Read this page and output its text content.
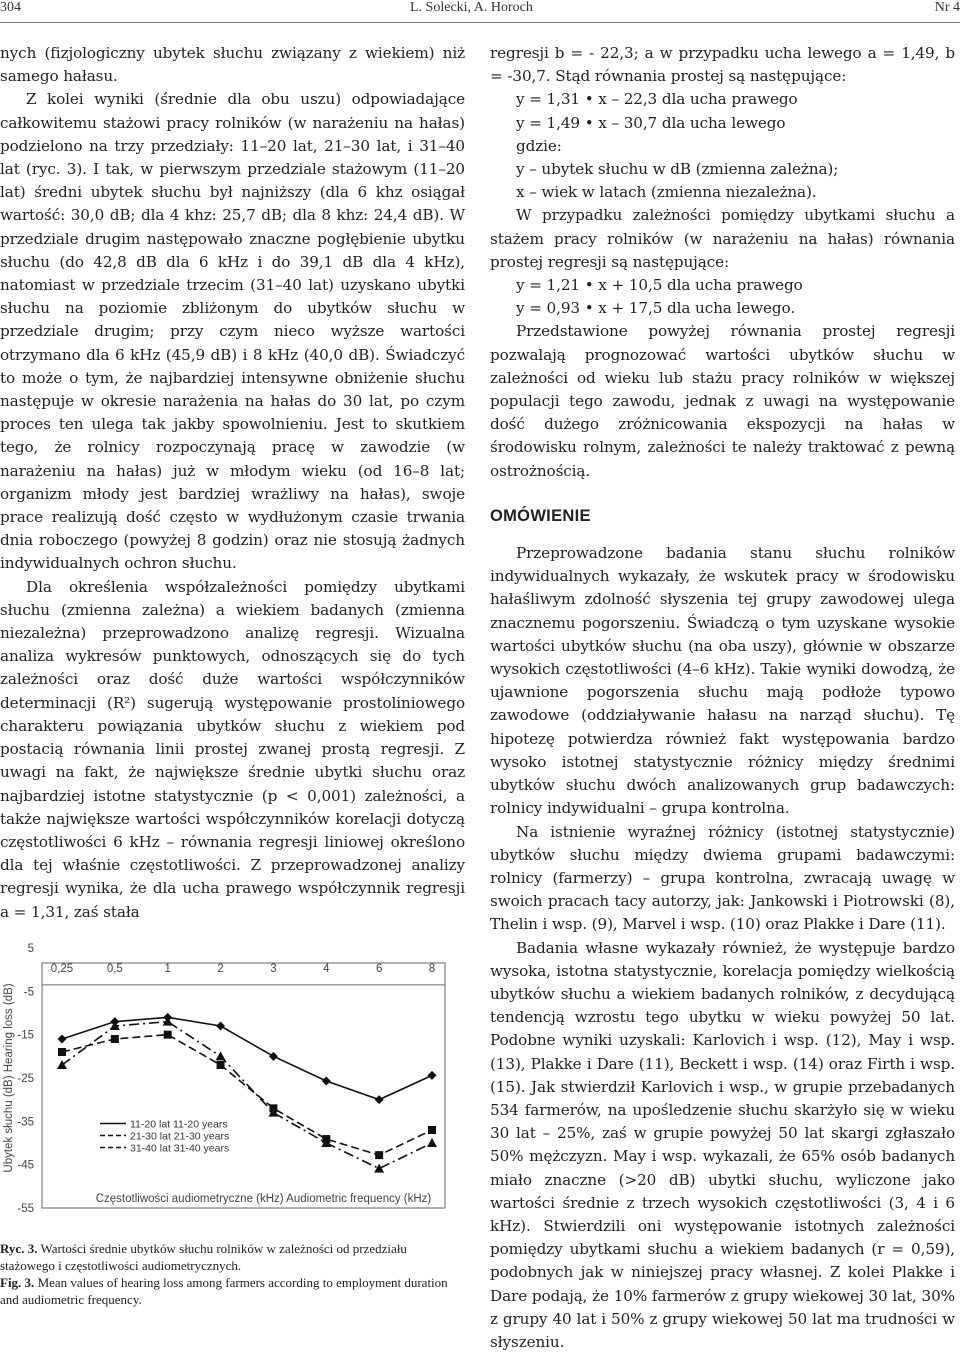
304	L. Solecki, A. Horoch	Nr 4

nych (fizjologiczny ubytek słuchu związany z wiekiem) niż samego hałasu.

Z kolei wyniki (średnie dla obu uszu) odpowiadające całkowitemu stażowi pracy rolników (w narażeniu na hałas) podzielono na trzy przedziały: 11–20 lat, 21–30 lat, i 31–40 lat (ryc. 3). I tak, w pierwszym przedziale stażowym (11–20 lat) średni ubytek słuchu był najniższy (dla 6 khz osiągał wartość: 30,0 dB; dla 4 khz: 25,7 dB; dla 8 khz: 24,4 dB). W przedziale drugim następowało znaczne pogłębienie ubytku słuchu (do 42,8 dB dla 6 kHz i do 39,1 dB dla 4 kHz), natomiast w przedziale trzecim (31–40 lat) uzyskano ubytki słuchu na poziomie zbliżonym do ubytków słuchu w przedziale drugim; przy czym nieco wyższe wartości otrzymano dla 6 kHz (45,9 dB) i 8 kHz (40,0 dB). Świadczyć to może o tym, że najbardziej intensywne obniżenie słuchu następuje w okresie narażenia na hałas do 30 lat, po czym proces ten ulega tak jakby spowolnieniu. Jest to skutkiem tego, że rolnicy rozpoczynają pracę w zawodzie (w narażeniu na hałas) już w młodym wieku (od 16–8 lat; organizm młody jest bardziej wrażliwy na hałas), swoje prace realizują dość często w wydłużonym czasie trwania dnia roboczego (powyżej 8 godzin) oraz nie stosują żadnych indywidualnych ochron słuchu.

Dla określenia współzależności pomiędzy ubytkami słuchu (zmienna zależna) a wiekiem badanych (zmienna niezależna) przeprowadzono analizę regresji. Wizualna analiza wykresów punktowych, odnoszących się do tych zależności oraz dość duże wartości współczynników determinacji (R²) sugerują występowanie prostoliniowego charakteru powiązania ubytków słuchu z wiekiem pod postacią równania linii prostej zwanej prostą regresji. Z uwagi na fakt, że największe średnie ubytki słuchu oraz najbardziej istotne statystycznie (p < 0,001) zależności, a także największe wartości współczynników korelacji dotyczą częstotliwości 6 kHz – równania regresji liniowej określono dla tej właśnie częstotliwości. Z przeprowadzonej analizy regresji wynika, że dla ucha prawego współczynnik regresji a = 1,31, zaś stała

Ubytek słuchu (dB) Hearing loss (dB)
5
-5
-15
-25
-35
-45
-55
0,25	0,5	1	2	3	4	6	8
11-20 lat 11-20 years
21-30 lat 21-30 years
31-40 lat 31-40 years
Częstotliwości audiometryczne (kHz) Audiometric frequency (kHz)

Ryc. 3. Wartości średnie ubytków słuchu rolników w zależności od przedziału stażowego i częstotliwości audiometrycznych.

Fig. 3. Mean values of hearing loss among farmers according to employment duration and audiometric frequency.

regresji b = - 22,3; a w przypadku ucha lewego a = 1,49, b = -30,7. Stąd równania prostej są następujące:

y = 1,31 • x – 22,3 dla ucha prawego

y = 1,49 • x – 30,7 dla ucha lewego

gdzie:

y – ubytek słuchu w dB (zmienna zależna);

x – wiek w latach (zmienna niezależna).

W przypadku zależności pomiędzy ubytkami słuchu a stażem pracy rolników (w narażeniu na hałas) równania prostej regresji są następujące:

y = 1,21 • x + 10,5 dla ucha prawego

y = 0,93 • x + 17,5 dla ucha lewego.

Przedstawione powyżej równania prostej regresji pozwalają prognozować wartości ubytków słuchu w zależności od wieku lub stażu pracy rolników w większej populacji tego zawodu, jednak z uwagi na występowanie dość dużego zróżnicowania ekspozycji na hałas w środowisku rolnym, zależności te należy traktować z pewną ostrożnością.

OMÓWIENIE

Przeprowadzone badania stanu słuchu rolników indywidualnych wykazały, że wskutek pracy w środowisku hałaśliwym zdolność słyszenia tej grupy zawodowej ulega znacznemu pogorszeniu. Świadczą o tym uzyskane wysokie wartości ubytków słuchu (na oba uszy), głównie w obszarze wysokich częstotliwości (4–6 kHz). Takie wyniki dowodzą, że ujawnione pogorszenia słuchu mają podłoże typowo zawodowe (oddziaływanie hałasu na narząd słuchu). Tę hipotezę potwierdza również fakt występowania bardzo wysoko istotnej statystycznie różnicy między średnimi ubytków słuchu dwóch analizowanych grup badawczych: rolnicy indywidualni – grupa kontrolna.

Na istnienie wyraźnej różnicy (istotnej statystycznie) ubytków słuchu między dwiema grupami badawczymi: rolnicy (farmerzy) – grupa kontrolna, zwracają uwagę w swoich pracach tacy autorzy, jak: Jankowski i Piotrowski (8), Thelin i wsp. (9), Marvel i wsp. (10) oraz Plakke i Dare (11).

Badania własne wykazały również, że występuje bardzo wysoka, istotna statystycznie, korelacja pomiędzy wielkością ubytków słuchu a wiekiem badanych rolników, z decydującą tendencją wzrostu tego ubytku w wieku powyżej 50 lat. Podobne wyniki uzyskali: Karlovich i wsp. (12), May i wsp. (13), Plakke i Dare (11), Beckett i wsp. (14) oraz Firth i wsp. (15). Jak stwierdził Karlovich i wsp., w grupie przebadanych 534 farmerów, na upośledzenie słuchu skarżyło się w wieku 30 lat – 25%, zaś w grupie powyżej 50 lat skargi zgłaszało 50% mężczyzn. May i wsp. wykazali, że 65% osób badanych miało znaczne (>20 dB) ubytki słuchu, wyliczone jako wartości średnie z trzech wysokich częstotliwości (3, 4 i 6 kHz). Stwierdzili oni występowanie istotnych zależności pomiędzy ubytkami słuchu a wiekiem badanych (r = 0,59), podobnych jak w niniejszej pracy własnej. Z kolei Plakke i Dare podają, że 10% farmerów z grupy wiekowej 30 lat, 30% z grupy 40 lat i 50% z grupy wiekowej 50 lat ma trudności w słyszeniu.
